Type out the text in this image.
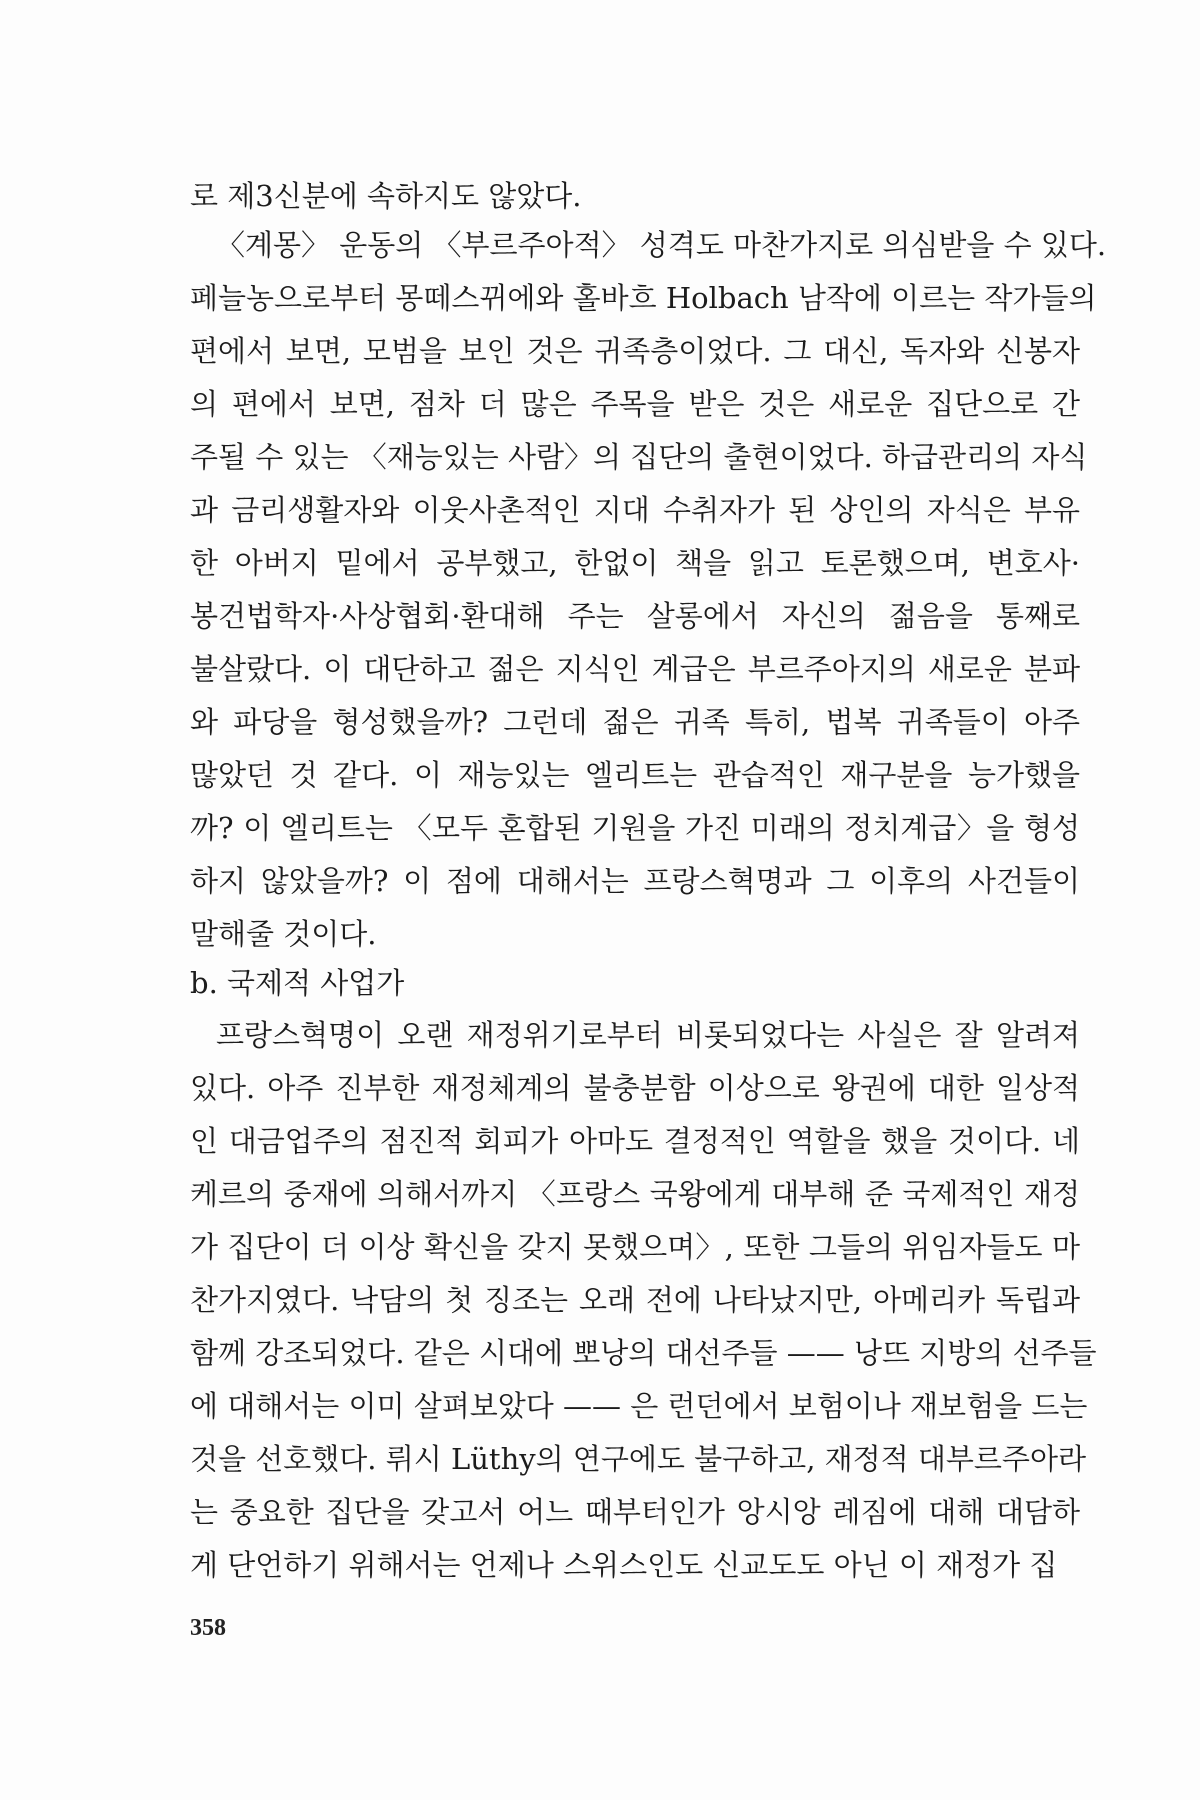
로 제3신분에 속하지도 않았다.
〈계몽〉 운동의 〈부르주아적〉 성격도 마찬가지로 의심받을 수 있다.
페늘농으로부터 몽떼스뀌에와 홀바흐 Holbach 남작에 이르는 작가들의
편에서 보면, 모범을 보인 것은 귀족층이었다. 그 대신, 독자와 신봉자
의 편에서 보면, 점차 더 많은 주목을 받은 것은 새로운 집단으로 간
주될 수 있는 〈재능있는 사람〉의 집단의 출현이었다. 하급관리의 자식
과 금리생활자와 이웃사촌적인 지대 수취자가 된 상인의 자식은 부유
한 아버지 밑에서 공부했고, 한없이 책을 읽고 토론했으며, 변호사·
봉건법학자·사상협회·환대해 주는 살롱에서 자신의 젊음을 통째로
불살랐다. 이 대단하고 젊은 지식인 계급은 부르주아지의 새로운 분파
와 파당을 형성했을까? 그런데 젊은 귀족 특히, 법복 귀족들이 아주
많았던 것 같다. 이 재능있는 엘리트는 관습적인 재구분을 능가했을
까? 이 엘리트는 〈모두 혼합된 기원을 가진 미래의 정치계급〉을 형성
하지 않았을까? 이 점에 대해서는 프랑스혁명과 그 이후의 사건들이
말해줄 것이다.
b. 국제적 사업가
프랑스혁명이 오랜 재정위기로부터 비롯되었다는 사실은 잘 알려져
있다. 아주 진부한 재정체계의 불충분함 이상으로 왕권에 대한 일상적
인 대금업주의 점진적 회피가 아마도 결정적인 역할을 했을 것이다. 네
케르의 중재에 의해서까지 〈프랑스 국왕에게 대부해 준 국제적인 재정
가 집단이 더 이상 확신을 갖지 못했으며〉, 또한 그들의 위임자들도 마
찬가지였다. 낙담의 첫 징조는 오래 전에 나타났지만, 아메리카 독립과
함께 강조되었다. 같은 시대에 뽀낭의 대선주들 —— 낭뜨 지방의 선주들
에 대해서는 이미 살펴보았다 —— 은 런던에서 보험이나 재보험을 드는
것을 선호했다. 뤼시 Lüthy의 연구에도 불구하고, 재정적 대부르주아라
는 중요한 집단을 갖고서 어느 때부터인가 앙시앙 레짐에 대해 대담하
게 단언하기 위해서는 언제나 스위스인도 신교도도 아닌 이 재정가 집
358
